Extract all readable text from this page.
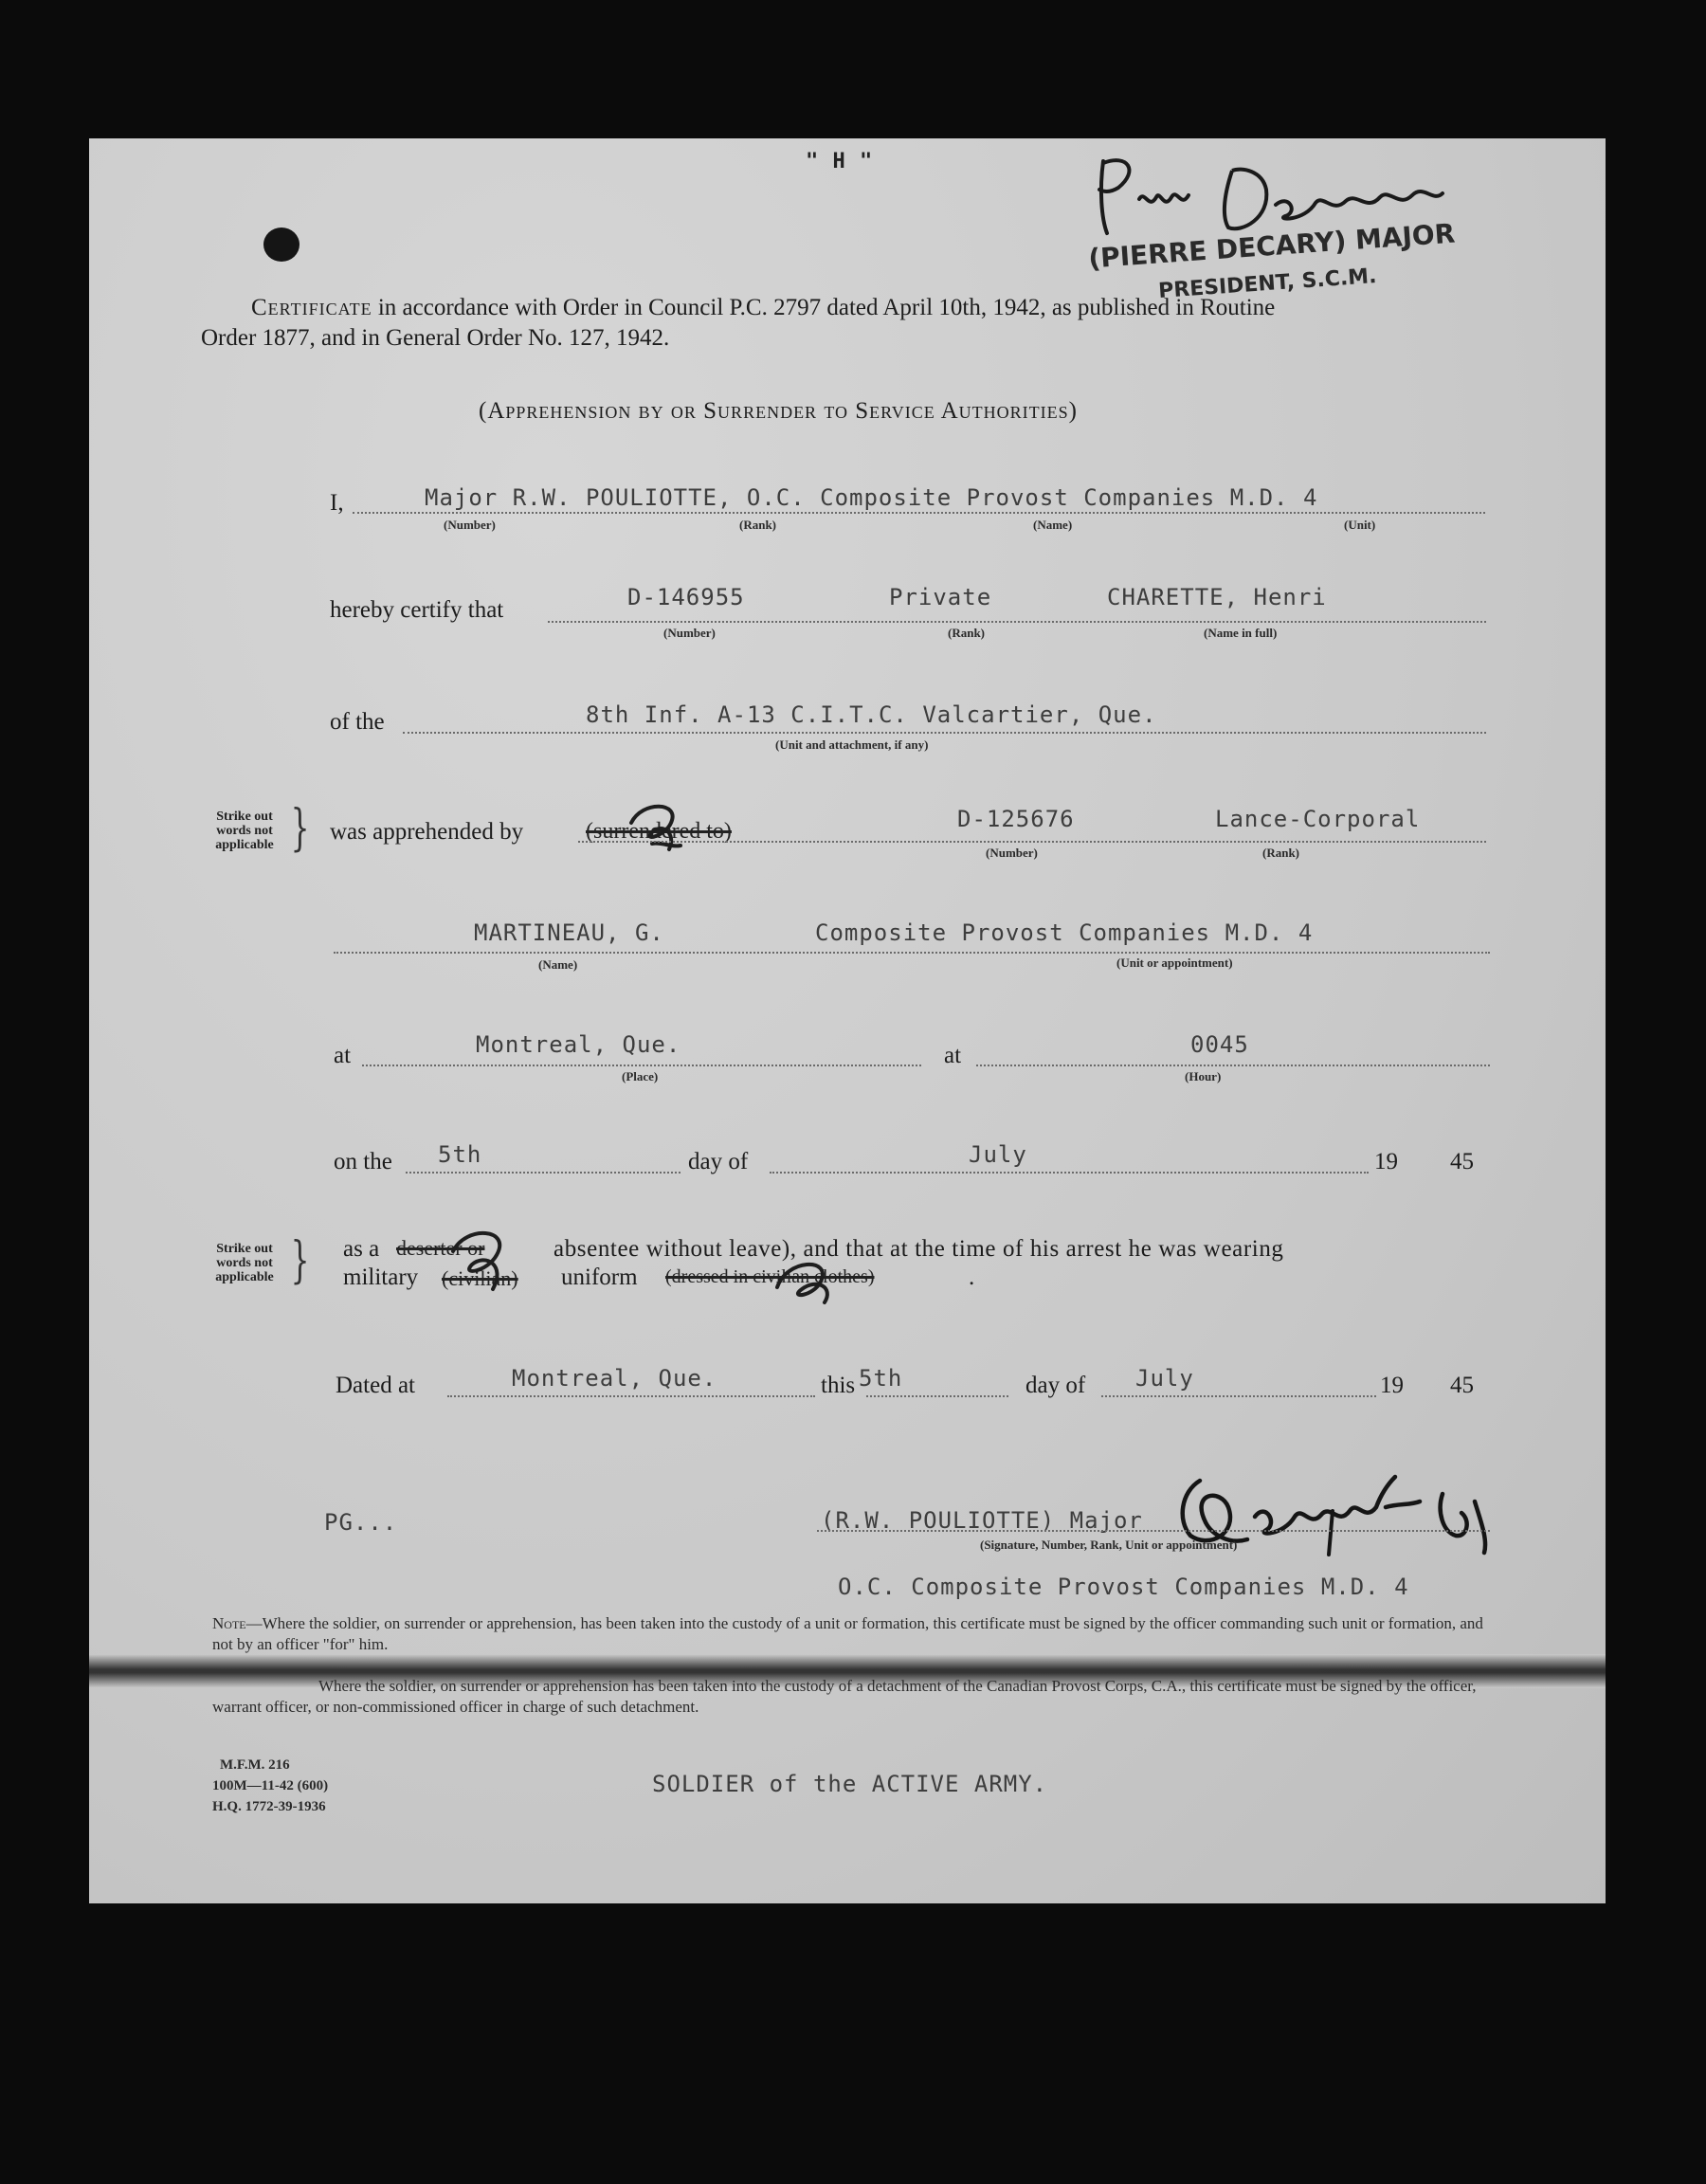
" H "
(PIERRE DECARY) MAJOR
PRESIDENT, S.C.M.
Certificate in accordance with Order in Council P.C. 2797 dated April 10th, 1942, as published in Routine
Order 1877, and in General Order No. 127, 1942.
(Apprehension by or Surrender to Service Authorities)
I,	Major R.W. POULIOTTE, O.C. Composite Provost Companies M.D. 4
(Number)	(Rank)	(Name)	(Unit)
hereby certify that	D-146955	Private	CHARETTE, Henri
(Number)	(Rank)	(Name in full)
of the	8th Inf. A-13 C.I.T.C. Valcartier, Que.
(Unit and attachment, if any)
Strike out words not applicable } was apprehended by	(surrendered to)	D-125676	Lance-Corporal
(Number)	(Rank)
MARTINEAU, G.	Composite Provost Companies M.D. 4
(Name)	(Unit or appointment)
at	Montreal, Que.	at	0045
(Place)	(Hour)
on the 5th	day of	July	19 45
Strike out words not applicable } as a deserter or	absentee without leave), and that at the time of his arrest he was wearing
military (civilian) uniform (dressed in civilian clothes)	.
Dated at	Montreal, Que.	this 5th	day of July	19 45
PG...	(R.W. POULIOTTE) Major
(Signature, Number, Rank, Unit or appointment)
O.C. Composite Provost Companies M.D. 4
Note—Where the soldier, on surrender or apprehension, has been taken into the custody of a unit or formation, this certificate must be signed by the officer commanding such unit or formation, and not by an officer "for" him.
Where the soldier, on surrender or apprehension has been taken into the custody of a detachment of the Canadian Provost Corps, C.A., this certificate must be signed by the officer, warrant officer, or non-commissioned officer in charge of such detachment.
M.F.M. 216
100M—11-42 (600)
H.Q. 1772-39-1936
SOLDIER of the ACTIVE ARMY.
